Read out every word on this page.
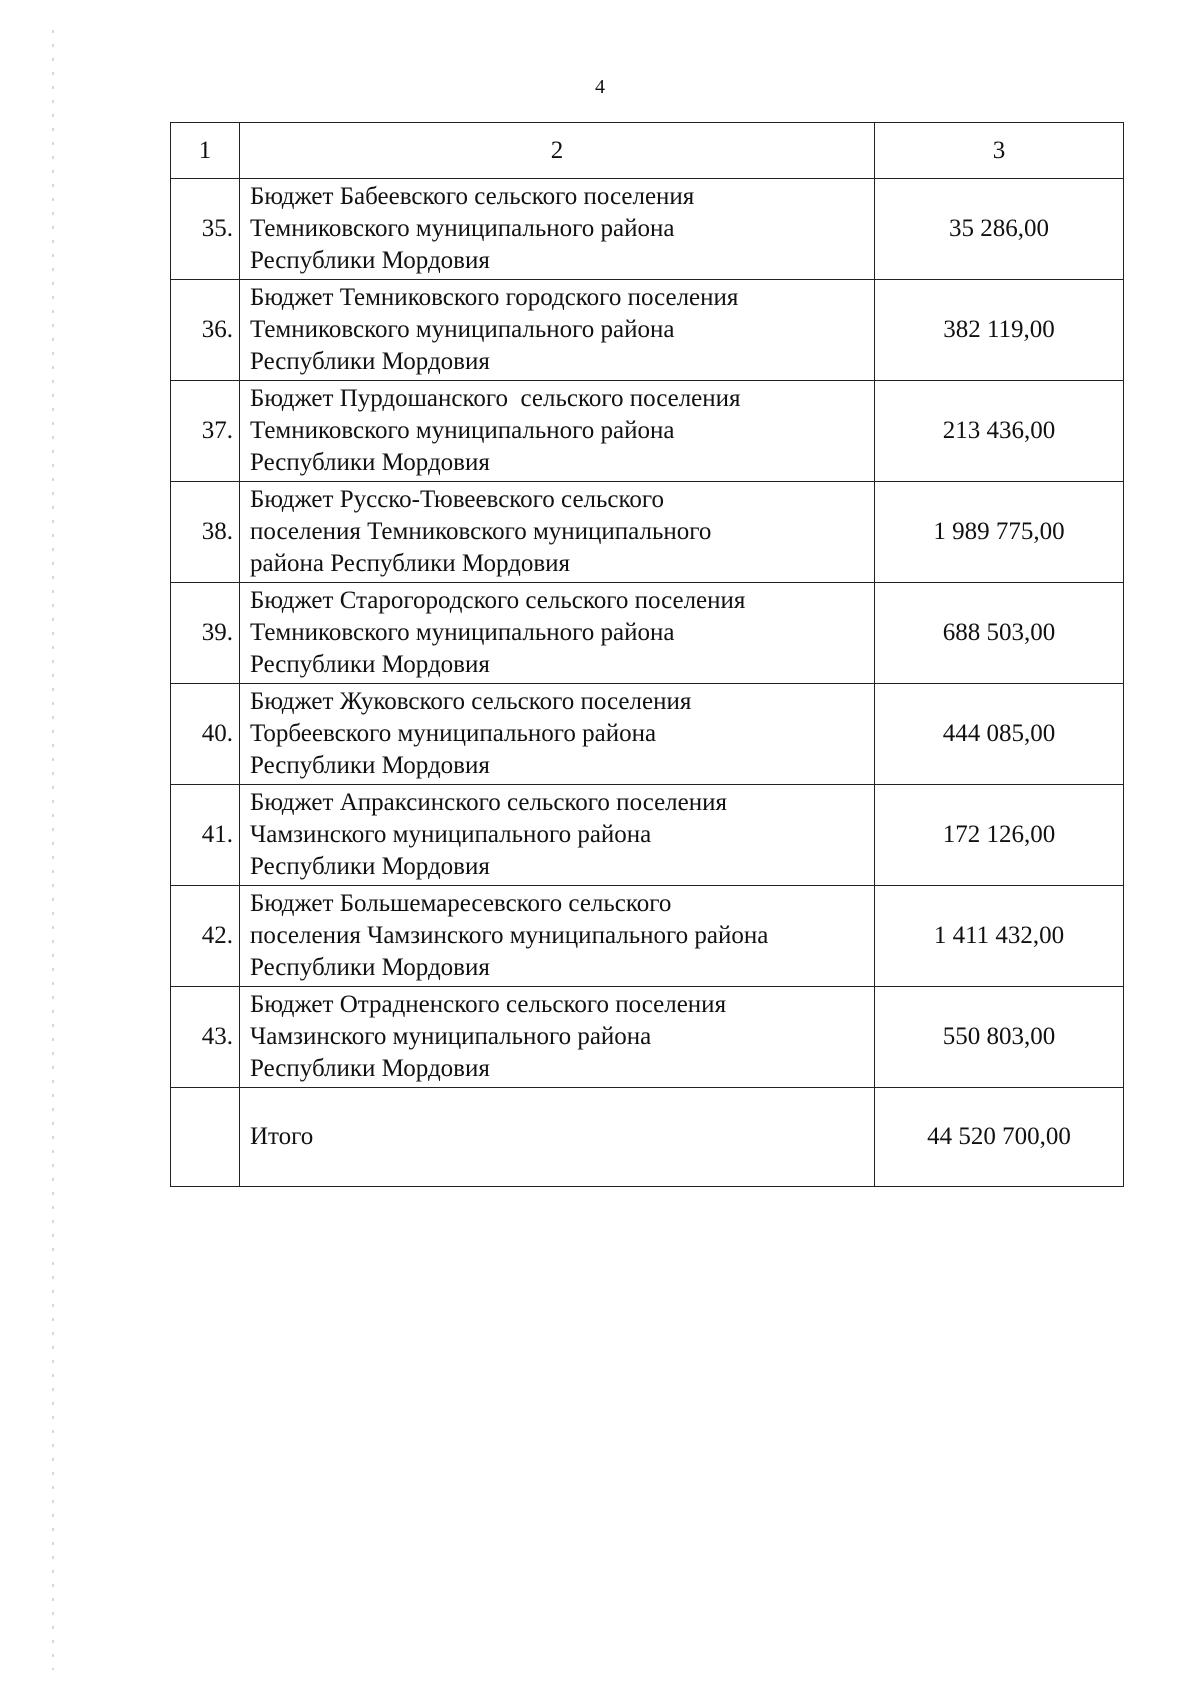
4
1	2	3
35.	Бюджет Бабеевского сельского поселения
Темниковского муниципального района
Республики Мордовия	35 286,00
36.	Бюджет Темниковского городского поселения
Темниковского муниципального района
Республики Мордовия	382 119,00
37.	Бюджет Пурдошанского  сельского поселения
Темниковского муниципального района
Республики Мордовия	213 436,00
38.	Бюджет Русско-Тювеевского сельского
поселения Темниковского муниципального
района Республики Мордовия	1 989 775,00
39.	Бюджет Старогородского сельского поселения
Темниковского муниципального района
Республики Мордовия	688 503,00
40.	Бюджет Жуковского сельского поселения
Торбеевского муниципального района
Республики Мордовия	444 085,00
41.	Бюджет Апраксинского сельского поселения
Чамзинского муниципального района
Республики Мордовия	172 126,00
42.	Бюджет Большемаресевского сельского
поселения Чамзинского муниципального района
Республики Мордовия	1 411 432,00
43.	Бюджет Отрадненского сельского поселения
Чамзинского муниципального района
Республики Мордовия	550 803,00
	Итого	44 520 700,00
